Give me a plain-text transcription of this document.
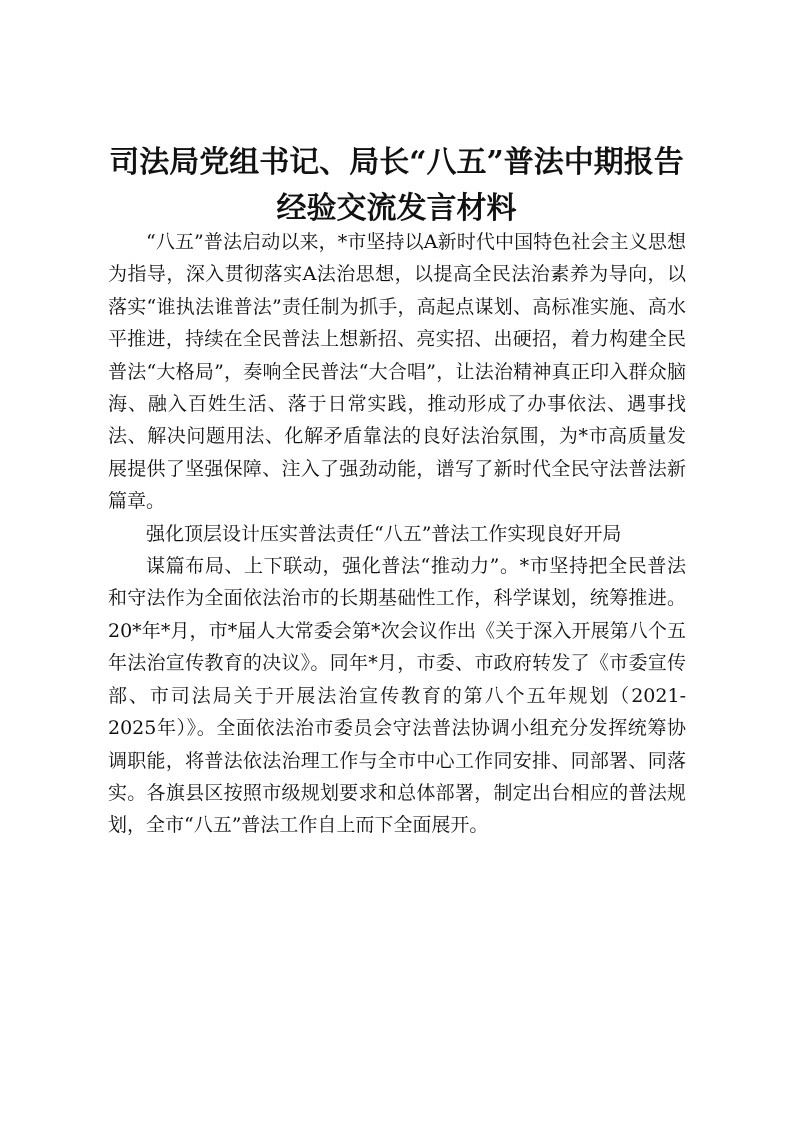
司法局党组书记、局长“八五”普法中期报告
经验交流发言材料

“八五”普法启动以来，*市坚持以A新时代中国特色社会主义思想为指导，深入贯彻落实A法治思想，以提高全民法治素养为导向，以落实“谁执法谁普法”责任制为抓手，高起点谋划、高标准实施、高水平推进，持续在全民普法上想新招、亮实招、出硬招，着力构建全民普法“大格局”，奏响全民普法“大合唱”，让法治精神真正印入群众脑海、融入百姓生活、落于日常实践，推动形成了办事依法、遇事找法、解决问题用法、化解矛盾靠法的良好法治氛围，为*市高质量发展提供了坚强保障、注入了强劲动能，谱写了新时代全民守法普法新篇章。

强化顶层设计压实普法责任“八五”普法工作实现良好开局

谋篇布局、上下联动，强化普法“推动力”。*市坚持把全民普法和守法作为全面依法治市的长期基础性工作，科学谋划，统筹推进。20*年*月，市*届人大常委会第*次会议作出《关于深入开展第八个五年法治宣传教育的决议》。同年*月，市委、市政府转发了《市委宣传部、市司法局关于开展法治宣传教育的第八个五年规划（2021-2025年）》。全面依法治市委员会守法普法协调小组充分发挥统筹协调职能，将普法依法治理工作与全市中心工作同安排、同部署、同落实。各旗县区按照市级规划要求和总体部署，制定出台相应的普法规划，全市“八五”普法工作自上而下全面展开。
